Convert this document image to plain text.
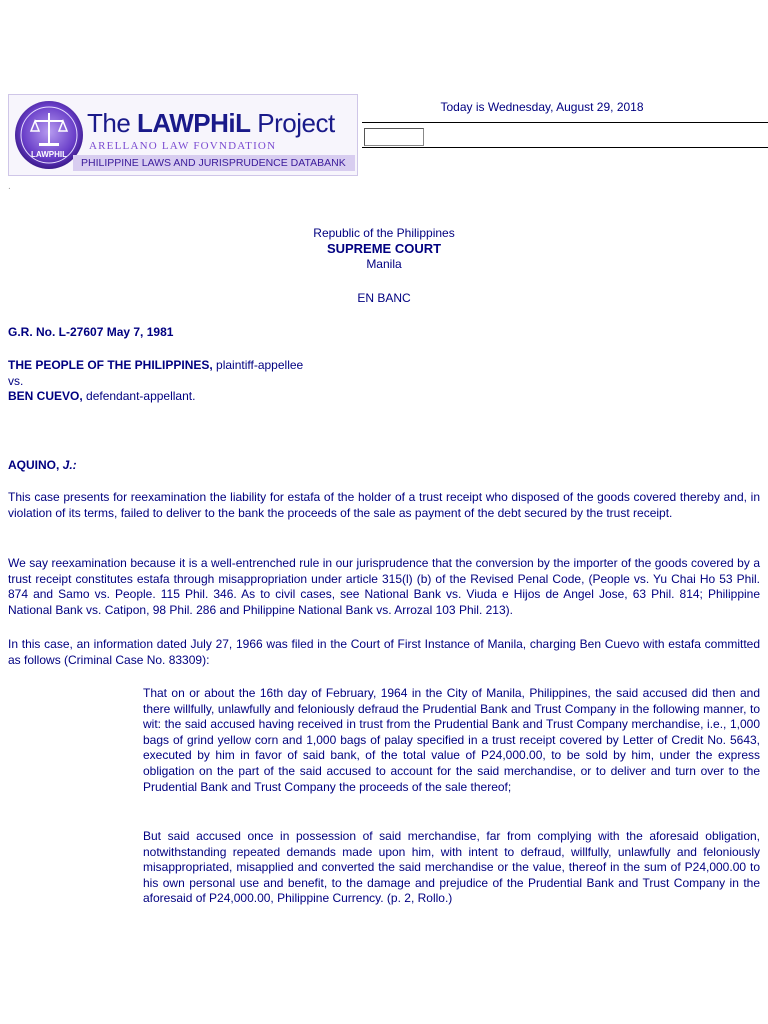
LAWPHIL
The LAWPHiL Project
ARELLANO LAW FOVNDATION
PHILIPPINE LAWS AND JURISPRUDENCE DATABANK
Today is Wednesday, August 29, 2018
.
Republic of the Philippines
SUPREME COURT
Manila
EN BANC
G.R. No. L-27607 May 7, 1981
THE PEOPLE OF THE PHILIPPINES, plaintiff-appellee
vs.
BEN CUEVO, defendant-appellant.
AQUINO, J.:
This case presents for reexamination the liability for estafa of the holder of a trust receipt who disposed of the goods covered thereby and, in violation of its terms, failed to deliver to the bank the proceeds of the sale as payment of the debt secured by the trust receipt.
We say reexamination because it is a well-entrenched rule in our jurisprudence that the conversion by the importer of the goods covered by a trust receipt constitutes estafa through misappropriation under article 315(l) (b) of the Revised Penal Code, (People vs. Yu Chai Ho 53 Phil. 874 and Samo vs. People. 115 Phil. 346. As to civil cases, see National Bank vs. Viuda e Hijos de Angel Jose, 63 Phil. 814; Philippine National Bank vs. Catipon, 98 Phil. 286 and Philippine National Bank vs. Arrozal 103 Phil. 213).
In this case, an information dated July 27, 1966 was filed in the Court of First Instance of Manila, charging Ben Cuevo with estafa committed as follows (Criminal Case No. 83309):
That on or about the 16th day of February, 1964 in the City of Manila, Philippines, the said accused did then and there willfully, unlawfully and feloniously defraud the Prudential Bank and Trust Company in the following manner, to wit: the said accused having received in trust from the Prudential Bank and Trust Company merchandise, i.e., 1,000 bags of grind yellow corn and 1,000 bags of palay specified in a trust receipt covered by Letter of Credit No. 5643, executed by him in favor of said bank, of the total value of P24,000.00, to be sold by him, under the express obligation on the part of the said accused to account for the said merchandise, or to deliver and turn over to the Prudential Bank and Trust Company the proceeds of the sale thereof;
But said accused once in possession of said merchandise, far from complying with the aforesaid obligation, notwithstanding repeated demands made upon him, with intent to defraud, willfully, unlawfully and feloniously misappropriated, misapplied and converted the said merchandise or the value, thereof in the sum of P24,000.00 to his own personal use and benefit, to the damage and prejudice of the Prudential Bank and Trust Company in the aforesaid of P24,000.00, Philippine Currency. (p. 2, Rollo.)
